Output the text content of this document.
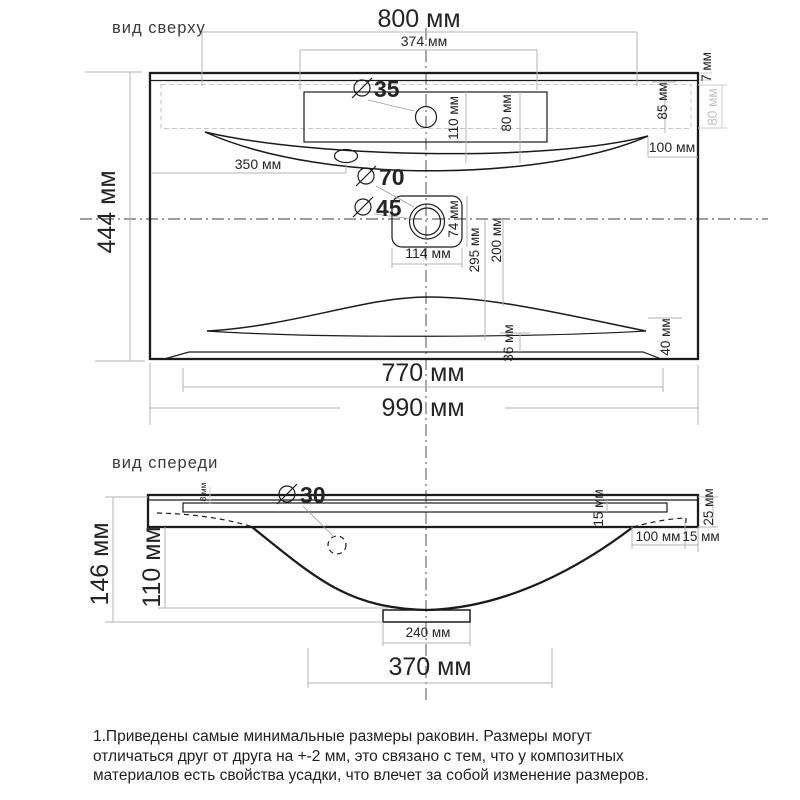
вид сверху
35
70
45
800 мм
374 мм
444 мм
110 мм	80 мм	85 мм	80 мм
7 мм
100 мм
350 мм
114 мм
74 мм
295 мм 200 мм
36 мм	40 мм
770 мм
990 мм
вид спереди
30
8 мм
146 мм 110 мм
15 мм	25 мм
100 мм 15 мм
240 мм
370 мм
1.Приведены самые минимальные размеры раковин. Размеры могут
отличаться друг от друга на +-2 мм, это связано с тем, что у композитных
материалов есть свойства усадки, что влечет за собой изменение размеров.
